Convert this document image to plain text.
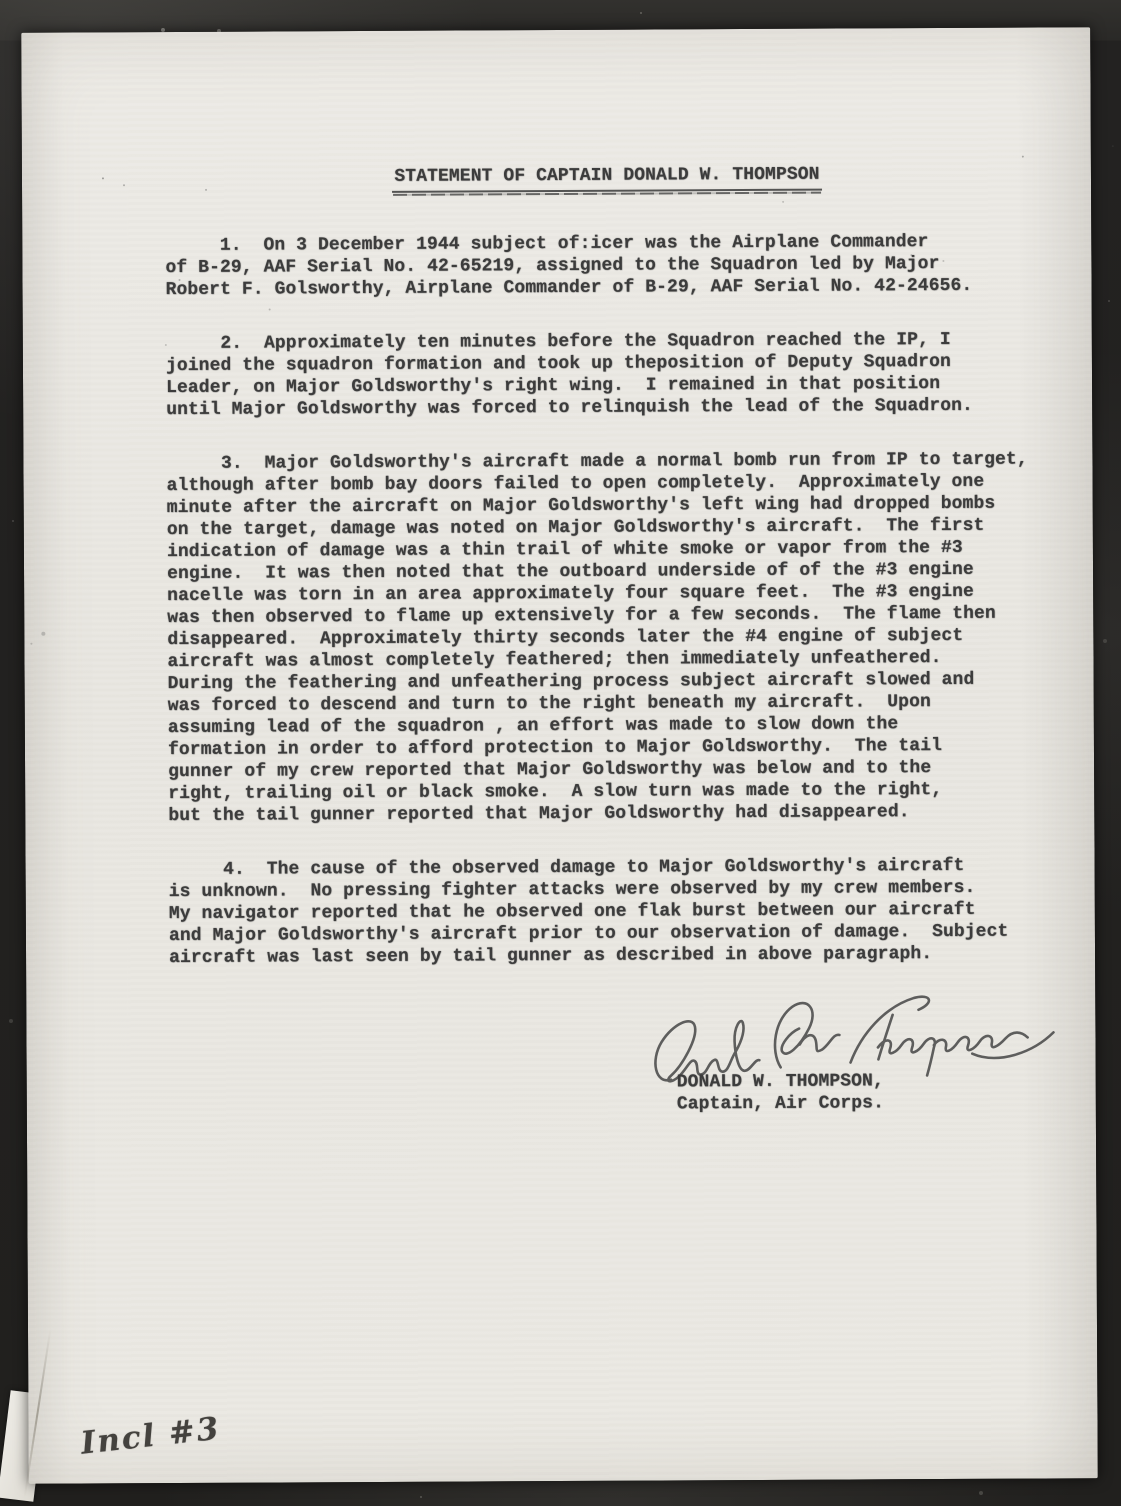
STATEMENT OF CAPTAIN DONALD W. THOMPSON
1.  On 3 December 1944 subject of:icer was the Airplane Commander
of B-29, AAF Serial No. 42-65219, assigned to the Squadron led by Major
Robert F. Golsworthy, Airplane Commander of B-29, AAF Serial No. 42-24656.
2.  Approximately ten minutes before the Squadron reached the IP, I
joined the squadron formation and took up theposition of Deputy Squadron
Leader, on Major Goldsworthy's right wing.  I remained in that position
until Major Goldsworthy was forced to relinquish the lead of the Squadron.
3.  Major Goldsworthy's aircraft made a normal bomb run from IP to target,
although after bomb bay doors failed to open completely.  Approximately one
minute after the aircraft on Major Goldsworthy's left wing had dropped bombs
on the target, damage was noted on Major Goldsworthy's aircraft.  The first
indication of damage was a thin trail of white smoke or vapor from the #3
engine.  It was then noted that the outboard underside of of the #3 engine
nacelle was torn in an area approximately four square feet.  The #3 engine
was then observed to flame up extensively for a few seconds.  The flame then
disappeared.  Approximately thirty seconds later the #4 engine of subject
aircraft was almost completely feathered; then immediately unfeathered.
During the feathering and unfeathering process subject aircraft slowed and
was forced to descend and turn to the right beneath my aircraft.  Upon
assuming lead of the squadron , an effort was made to slow down the
formation in order to afford protection to Major Goldsworthy.  The tail
gunner of my crew reported that Major Goldsworthy was below and to the
right, trailing oil or black smoke.  A slow turn was made to the right,
but the tail gunner reported that Major Goldsworthy had disappeared.
4.  The cause of the observed damage to Major Goldsworthy's aircraft
is unknown.  No pressing fighter attacks were observed by my crew members.
My navigator reported that he observed one flak burst between our aircraft
and Major Goldsworthy's aircraft prior to our observation of damage.  Subject
aircraft was last seen by tail gunner as described in above paragraph.
DONALD W. THOMPSON,
Captain, Air Corps.
Incl #3
